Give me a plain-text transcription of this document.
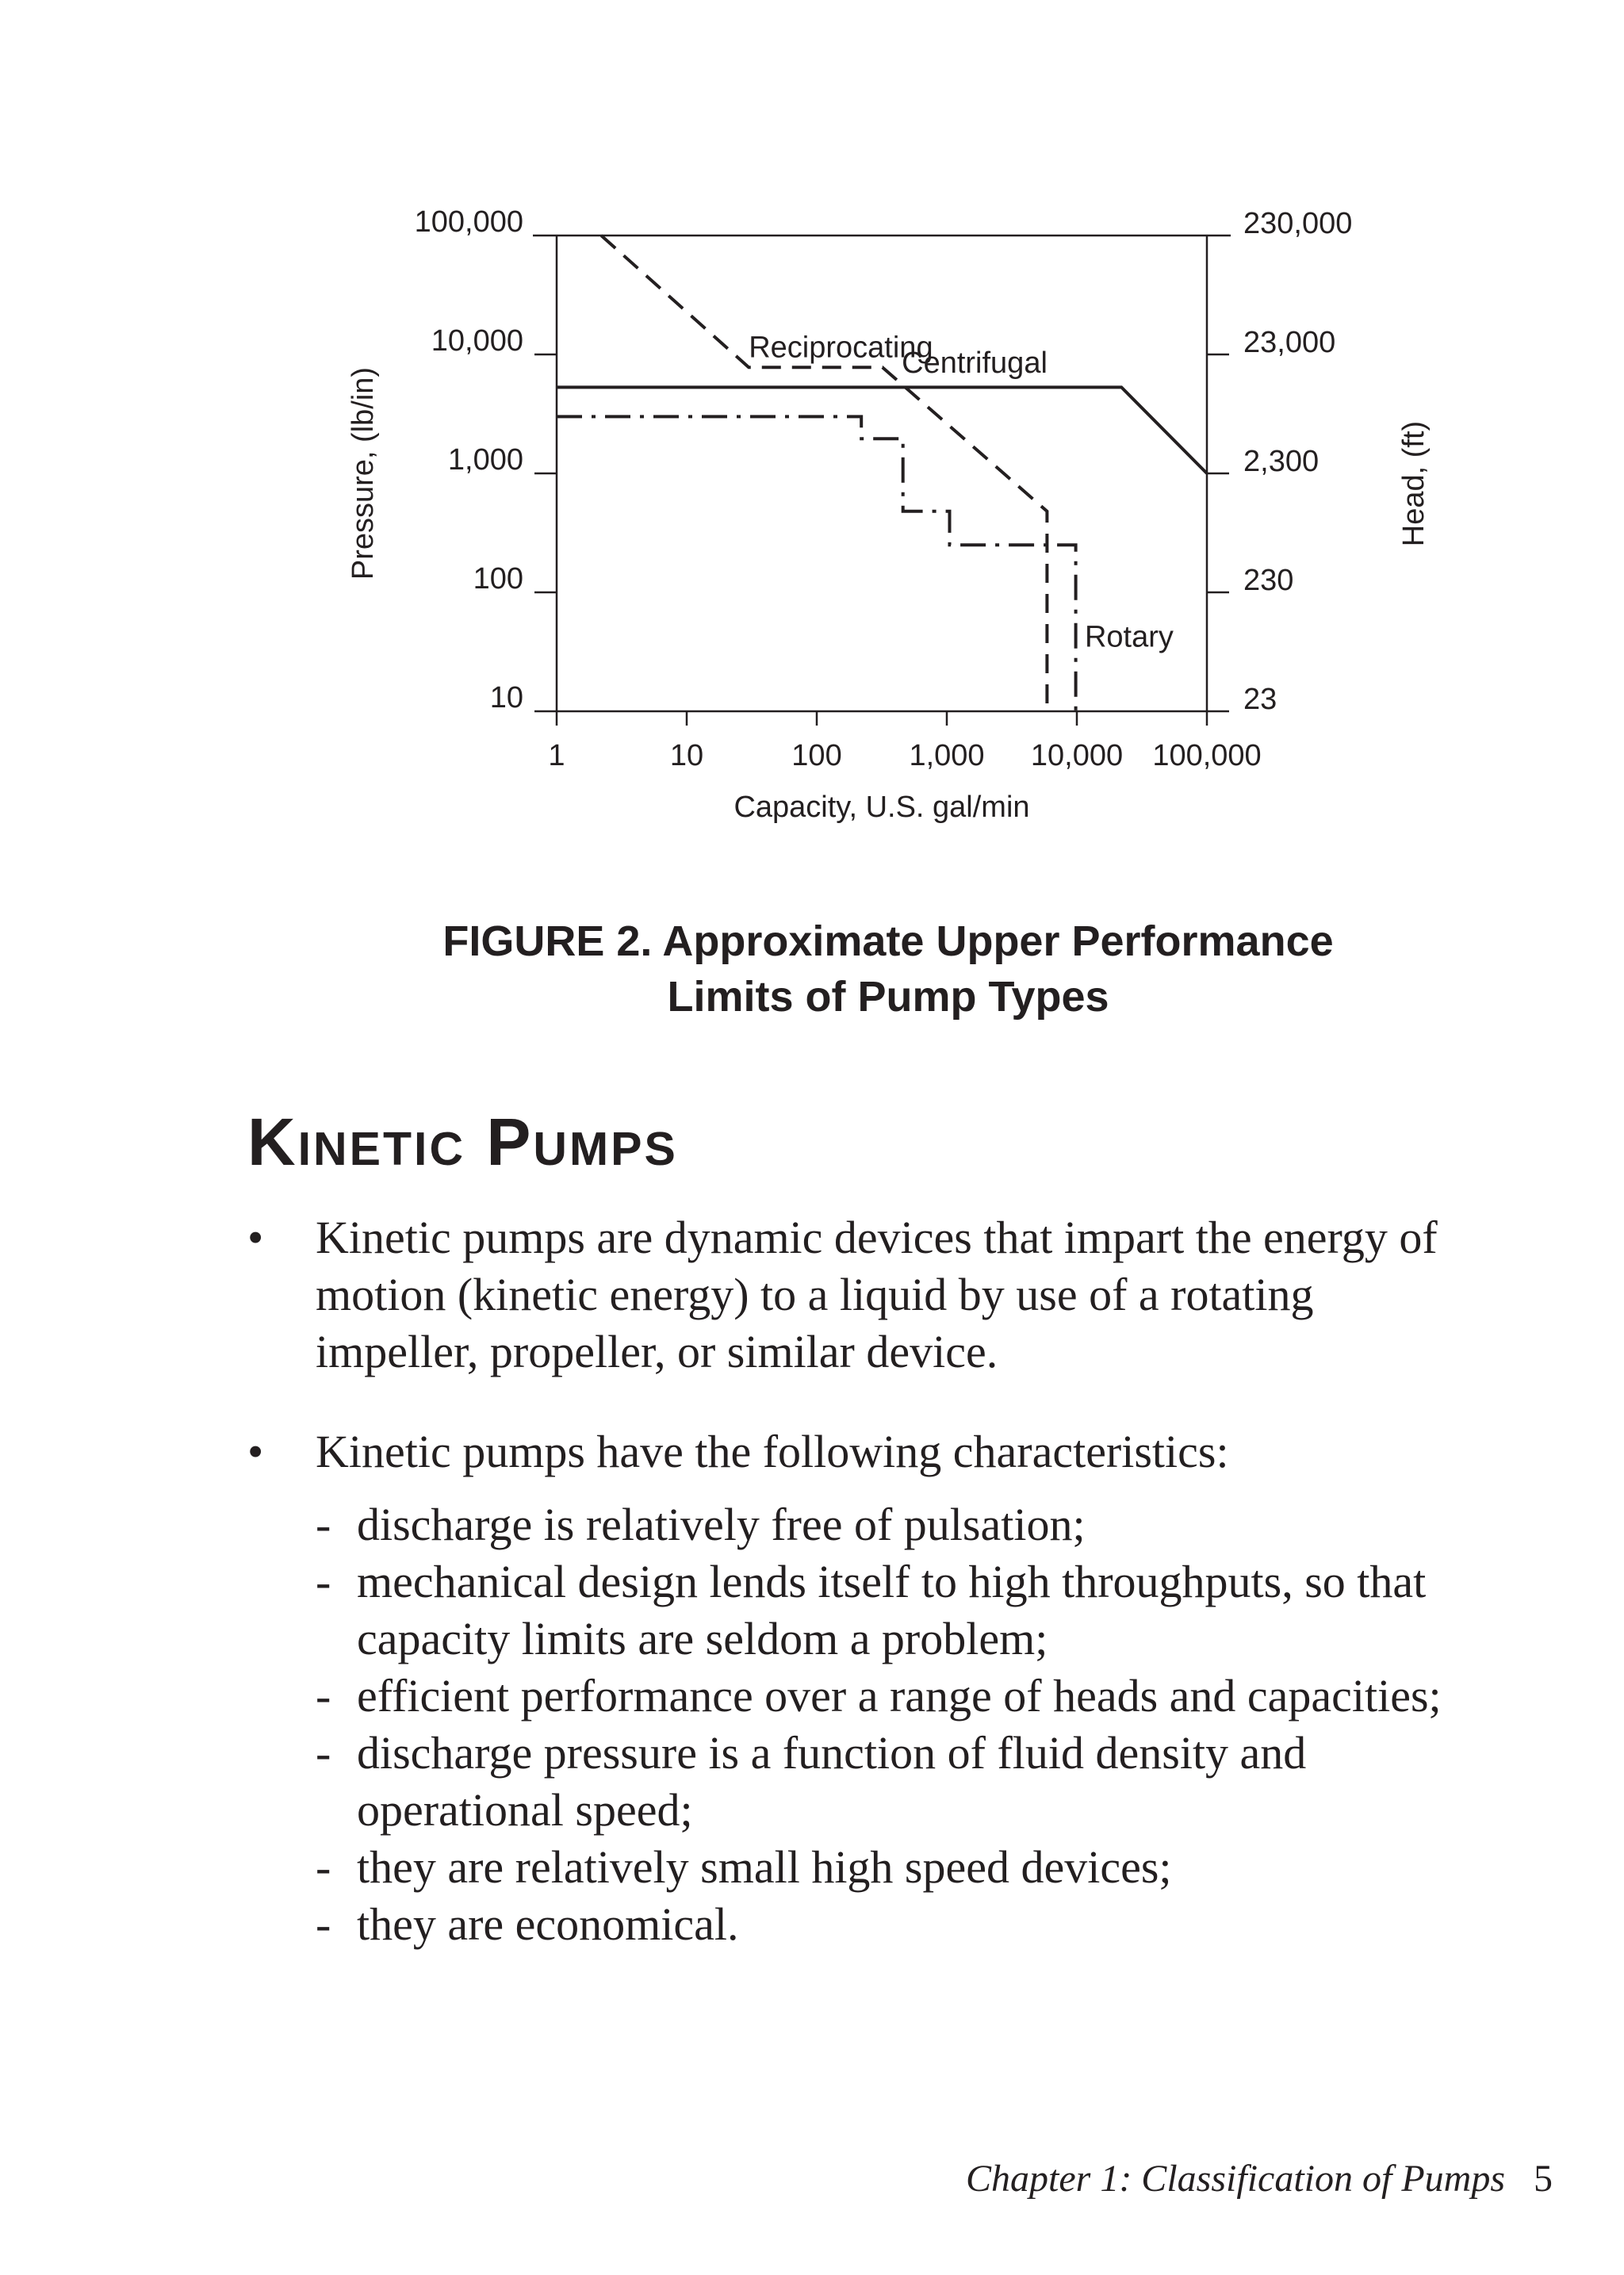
1	10	100 1,000 10,000 100,000
10
100
1,000
10,000
100,000
23
230
2,300
23,000
230,000
Capacity, U.S. gal/min
Pressure, (lb/in)	Head, (ft)
Reciprocating
Centrifugal
Rotary
FIGURE 2. Approximate Upper Performance
Limits of Pump Types
Kinetic Pumps
• Kinetic pumps are dynamic devices that impart the energy of motion (kinetic energy) to a liquid by use of a rotating impeller, propeller, or similar device.
• Kinetic pumps have the following characteristics:
- discharge is relatively free of pulsation;
- mechanical design lends itself to high throughputs, so that capacity limits are seldom a problem;
- efficient performance over a range of heads and capacities;
- discharge pressure is a function of fluid density and operational speed;
- they are relatively small high speed devices;
- they are economical.
Chapter 1: Classification of Pumps 5
